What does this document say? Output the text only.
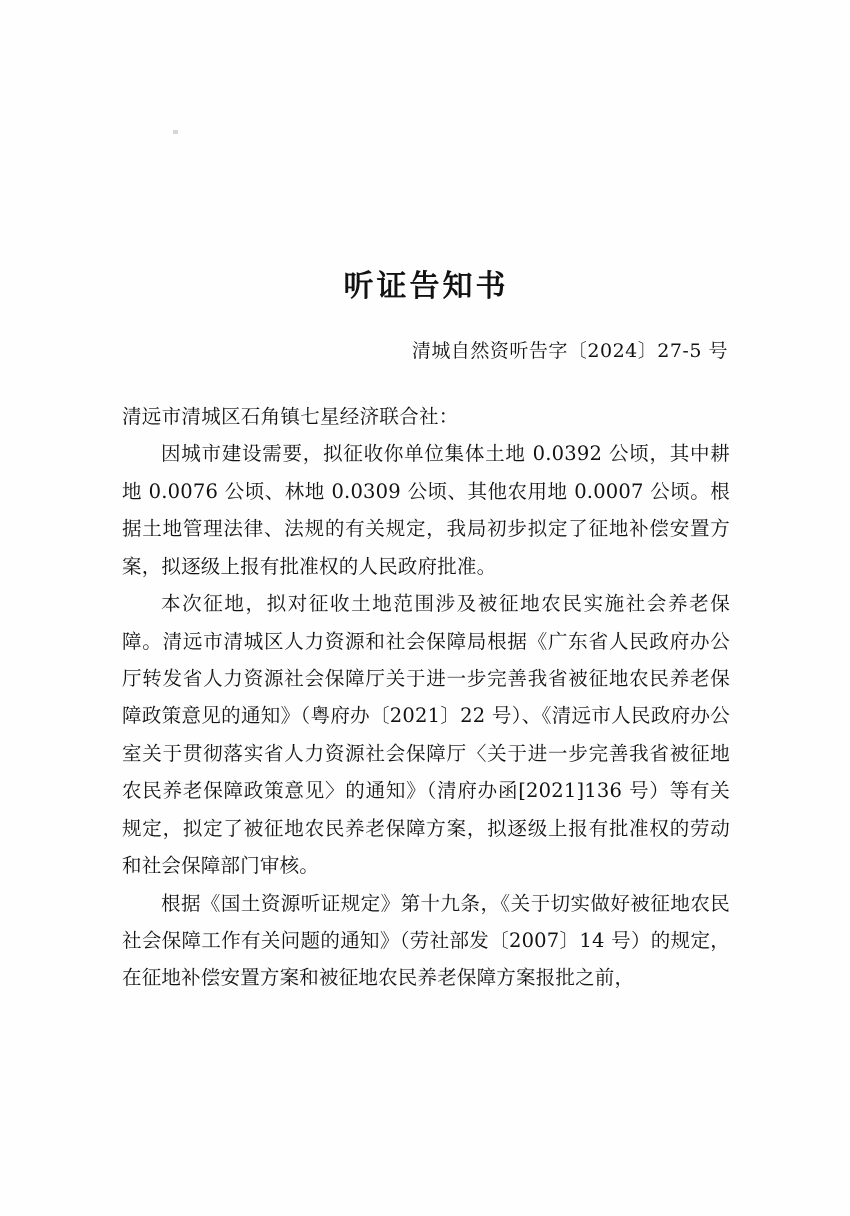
听证告知书

清城自然资听告字〔2024〕27-5 号

清远市清城区石角镇七星经济联合社：

因城市建设需要，拟征收你单位集体土地 0.0392 公顷，其中耕地 0.0076 公顷、林地 0.0309 公顷、其他农用地 0.0007 公顷。根据土地管理法律、法规的有关规定，我局初步拟定了征地补偿安置方案，拟逐级上报有批准权的人民政府批准。

本次征地，拟对征收土地范围涉及被征地农民实施社会养老保障。清远市清城区人力资源和社会保障局根据《广东省人民政府办公厅转发省人力资源社会保障厅关于进一步完善我省被征地农民养老保障政策意见的通知》（粤府办〔2021〕22 号）、《清远市人民政府办公室关于贯彻落实省人力资源社会保障厅〈关于进一步完善我省被征地农民养老保障政策意见〉的通知》（清府办函[2021]136 号）等有关规定，拟定了被征地农民养老保障方案，拟逐级上报有批准权的劳动和社会保障部门审核。

根据《国土资源听证规定》第十九条，《关于切实做好被征地农民社会保障工作有关问题的通知》（劳社部发〔2007〕14 号）的规定，在征地补偿安置方案和被征地农民养老保障方案报批之前，
